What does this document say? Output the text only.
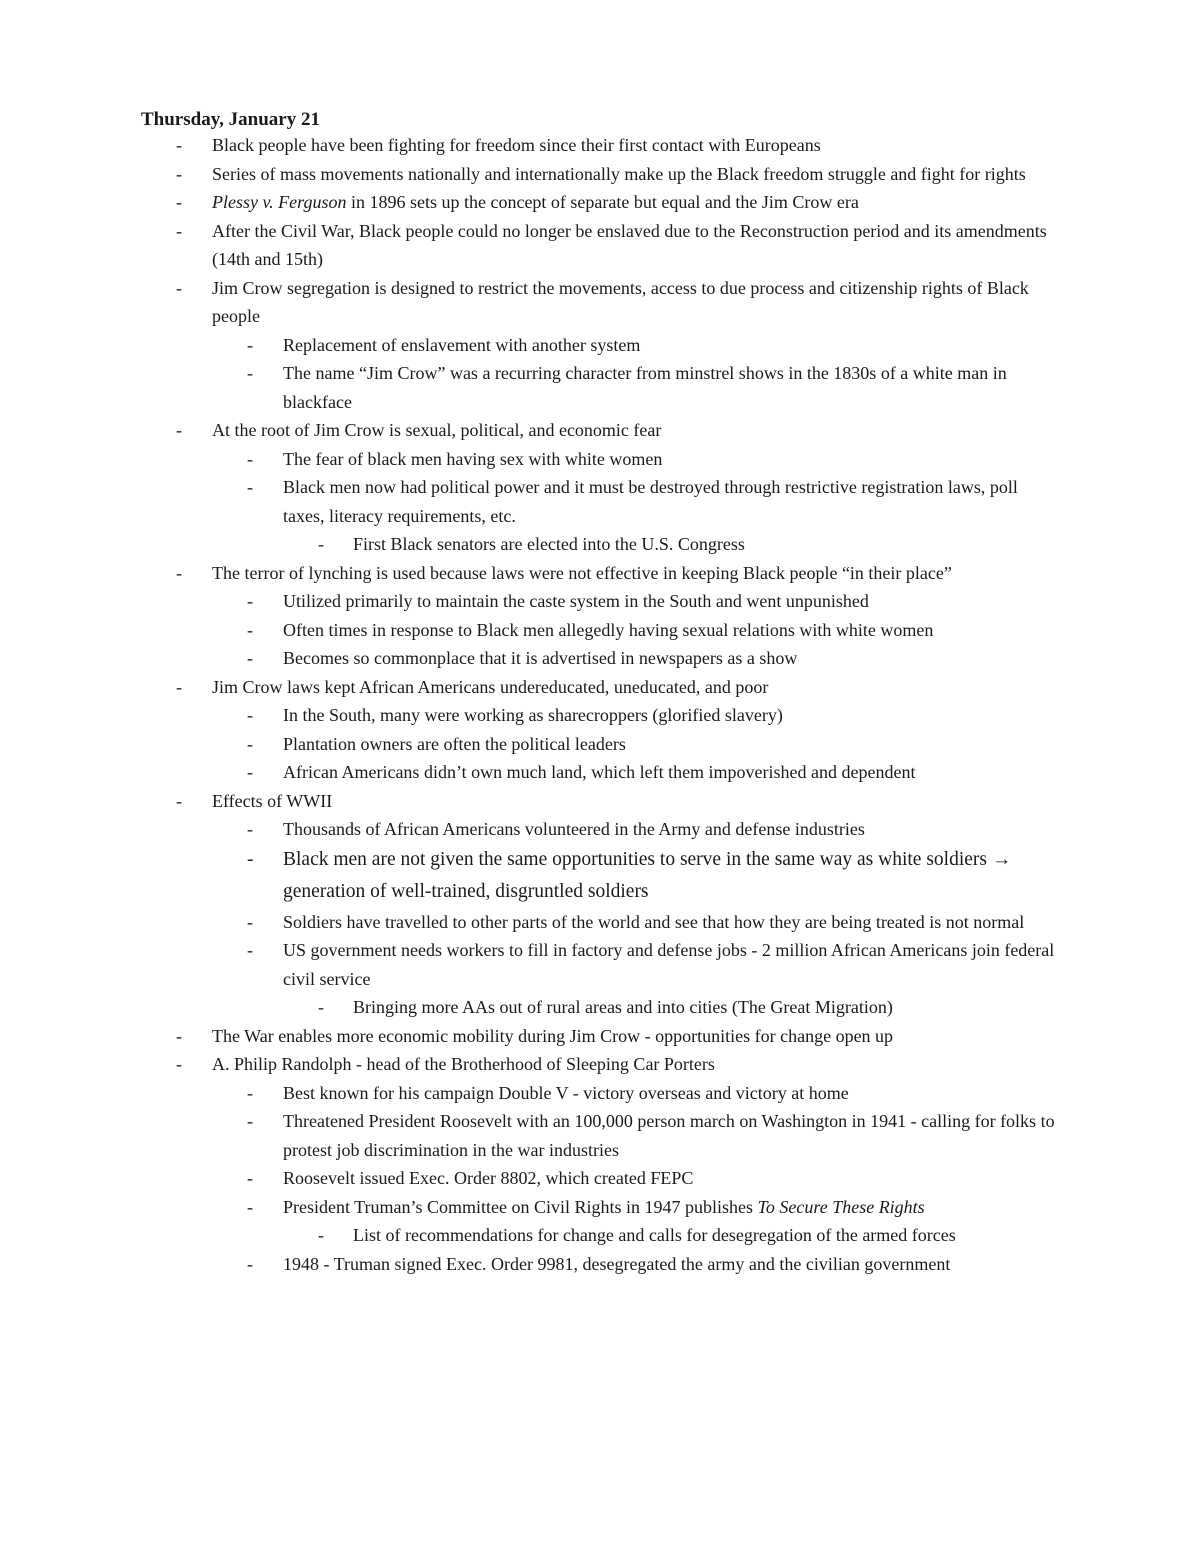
Thursday, January 21
- Black people have been fighting for freedom since their first contact with Europeans
- Series of mass movements nationally and internationally make up the Black freedom struggle and fight for rights
- Plessy v. Ferguson in 1896 sets up the concept of separate but equal and the Jim Crow era
- After the Civil War, Black people could no longer be enslaved due to the Reconstruction period and its amendments (14th and 15th)
- Jim Crow segregation is designed to restrict the movements, access to due process and citizenship rights of Black people
- Replacement of enslavement with another system
- The name “Jim Crow” was a recurring character from minstrel shows in the 1830s of a white man in blackface
- At the root of Jim Crow is sexual, political, and economic fear
- The fear of black men having sex with white women
- Black men now had political power and it must be destroyed through restrictive registration laws, poll taxes, literacy requirements, etc.
- First Black senators are elected into the U.S. Congress
- The terror of lynching is used because laws were not effective in keeping Black people “in their place”
- Utilized primarily to maintain the caste system in the South and went unpunished
- Often times in response to Black men allegedly having sexual relations with white women
- Becomes so commonplace that it is advertised in newspapers as a show
- Jim Crow laws kept African Americans undereducated, uneducated, and poor
- In the South, many were working as sharecroppers (glorified slavery)
- Plantation owners are often the political leaders
- African Americans didn’t own much land, which left them impoverished and dependent
- Effects of WWII
- Thousands of African Americans volunteered in the Army and defense industries
- Black men are not given the same opportunities to serve in the same way as white soldiers → generation of well-trained, disgruntled soldiers
- Soldiers have travelled to other parts of the world and see that how they are being treated is not normal
- US government needs workers to fill in factory and defense jobs - 2 million African Americans join federal civil service
- Bringing more AAs out of rural areas and into cities (The Great Migration)
- The War enables more economic mobility during Jim Crow - opportunities for change open up
- A. Philip Randolph - head of the Brotherhood of Sleeping Car Porters
- Best known for his campaign Double V - victory overseas and victory at home
- Threatened President Roosevelt with an 100,000 person march on Washington in 1941 - calling for folks to protest job discrimination in the war industries
- Roosevelt issued Exec. Order 8802, which created FEPC
- President Truman’s Committee on Civil Rights in 1947 publishes To Secure These Rights
- List of recommendations for change and calls for desegregation of the armed forces
- 1948 - Truman signed Exec. Order 9981, desegregated the army and the civilian government
